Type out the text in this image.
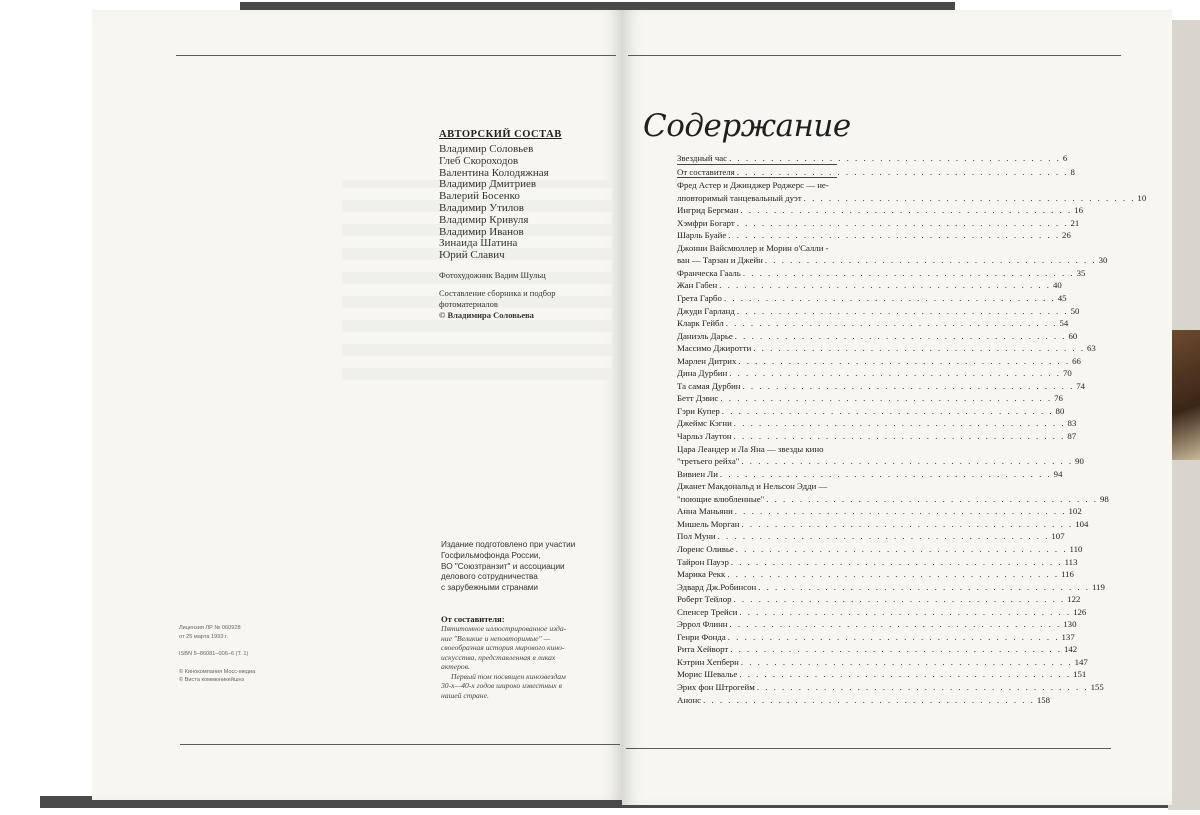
АВТОРСКИЙ СОСТАВ
Владимир Соловьев
Глеб Скороходов
Валентина Колодяжная
Владимир Дмитриев
Валерий Босенко
Владимир Утилов
Владимир Кривуля
Владимир Иванов
Зинаида Шатина
Юрий Славич
Фотохудожник Вадим Шульц
Составление сборника и подбор
фотоматериалов
© Владимира Соловьева
Издание подготовлено при участии
Госфильмофонда России,
ВО "Союзтранзит" и ассоциации
делового сотрудничества
с зарубежными странами
Лицензия ЛР № 060928
от 25 марта 1993 г.
ISBN 5–86081–006–6 (Т. 1)
© Кинокомпания Мосс-медиа
© Виста коммюникейшнз
От составителя:
Пятитомное иллюстрированное изда-
ние "Великие и неповторимые" —
своеобразная история мирового кино-
искусства, представленная в ликах
актеров.
Первый том посвящен кинозвездам
30-х—40-х годов широко известных в
нашей стране.
Содержание
Звездный час . . . . . . . . . . . . . . . . . . . . . . . . . . . . . . . . . . . . . . . . 6
От составителя . . . . . . . . . . . . . . . . . . . . . . . . . . . . . . . . . . . . . . . . 8
Фред Астер и Джинджер Роджерс — не-
лповторимый танцевальный дуэт . . . . . . . . . . . . . . . . . . . . . . . . . . . . . . . . . . . . . . . . 10
Ингрид Бергман . . . . . . . . . . . . . . . . . . . . . . . . . . . . . . . . . . . . . . . . 16
Хэмфри Богарт . . . . . . . . . . . . . . . . . . . . . . . . . . . . . . . . . . . . . . . . 21
Шарль Буайе . . . . . . . . . . . . . . . . . . . . . . . . . . . . . . . . . . . . . . . . 26
Джонни Вайсмюллер и Морин о'Салли -
ван — Тарзан и Джейн . . . . . . . . . . . . . . . . . . . . . . . . . . . . . . . . . . . . . . . . 30
Франческа Гааль . . . . . . . . . . . . . . . . . . . . . . . . . . . . . . . . . . . . . . . . 35
Жан Габен . . . . . . . . . . . . . . . . . . . . . . . . . . . . . . . . . . . . . . . . 40
Грета Гарбо . . . . . . . . . . . . . . . . . . . . . . . . . . . . . . . . . . . . . . . . 45
Джуди Гарланд . . . . . . . . . . . . . . . . . . . . . . . . . . . . . . . . . . . . . . . . 50
Кларк Гейбл . . . . . . . . . . . . . . . . . . . . . . . . . . . . . . . . . . . . . . . . 54
Даниэль Дарье . . . . . . . . . . . . . . . . . . . . . . . . . . . . . . . . . . . . . . . . 60
Массимо Джиротти . . . . . . . . . . . . . . . . . . . . . . . . . . . . . . . . . . . . . . . . 63
Марлен Дитрих . . . . . . . . . . . . . . . . . . . . . . . . . . . . . . . . . . . . . . . . 66
Дина Дурбин . . . . . . . . . . . . . . . . . . . . . . . . . . . . . . . . . . . . . . . . 70
Та самая Дурбин . . . . . . . . . . . . . . . . . . . . . . . . . . . . . . . . . . . . . . . . 74
Бетт Дэвис . . . . . . . . . . . . . . . . . . . . . . . . . . . . . . . . . . . . . . . . 76
Гэри Купер . . . . . . . . . . . . . . . . . . . . . . . . . . . . . . . . . . . . . . . . 80
Джеймс Кэгни . . . . . . . . . . . . . . . . . . . . . . . . . . . . . . . . . . . . . . . . 83
Чарльз Лаутон . . . . . . . . . . . . . . . . . . . . . . . . . . . . . . . . . . . . . . . . 87
Цара Леандер и Ла Яна — звезды кино
"третьего рейха" . . . . . . . . . . . . . . . . . . . . . . . . . . . . . . . . . . . . . . . . 90
Вивиен Ли . . . . . . . . . . . . . . . . . . . . . . . . . . . . . . . . . . . . . . . . 94
Джанет Макдональд и Нельсон Эдди —
"поющие влюбленные" . . . . . . . . . . . . . . . . . . . . . . . . . . . . . . . . . . . . . . . . 98
Анна Маньяни . . . . . . . . . . . . . . . . . . . . . . . . . . . . . . . . . . . . . . . . 102
Мишель Морган . . . . . . . . . . . . . . . . . . . . . . . . . . . . . . . . . . . . . . . . 104
Пол Муни . . . . . . . . . . . . . . . . . . . . . . . . . . . . . . . . . . . . . . . . 107
Лоренс Оливье . . . . . . . . . . . . . . . . . . . . . . . . . . . . . . . . . . . . . . . . 110
Тайрон Пауэр . . . . . . . . . . . . . . . . . . . . . . . . . . . . . . . . . . . . . . . . 113
Марика Рекк . . . . . . . . . . . . . . . . . . . . . . . . . . . . . . . . . . . . . . . . 116
Эдвард Дж.Робинсон . . . . . . . . . . . . . . . . . . . . . . . . . . . . . . . . . . . . . . . . 119
Роберт Тейлор . . . . . . . . . . . . . . . . . . . . . . . . . . . . . . . . . . . . . . . . 122
Спенсер Трейси . . . . . . . . . . . . . . . . . . . . . . . . . . . . . . . . . . . . . . . . 126
Эррол Флинн . . . . . . . . . . . . . . . . . . . . . . . . . . . . . . . . . . . . . . . . 130
Генри Фонда . . . . . . . . . . . . . . . . . . . . . . . . . . . . . . . . . . . . . . . . 137
Рита Хейворт . . . . . . . . . . . . . . . . . . . . . . . . . . . . . . . . . . . . . . . . 142
Кэтрин Хепберн . . . . . . . . . . . . . . . . . . . . . . . . . . . . . . . . . . . . . . . . 147
Морис Шевалье . . . . . . . . . . . . . . . . . . . . . . . . . . . . . . . . . . . . . . . . 151
Эрих фон Штрогейм . . . . . . . . . . . . . . . . . . . . . . . . . . . . . . . . . . . . . . . . 155
Анонс . . . . . . . . . . . . . . . . . . . . . . . . . . . . . . . . . . . . . . . . 158
